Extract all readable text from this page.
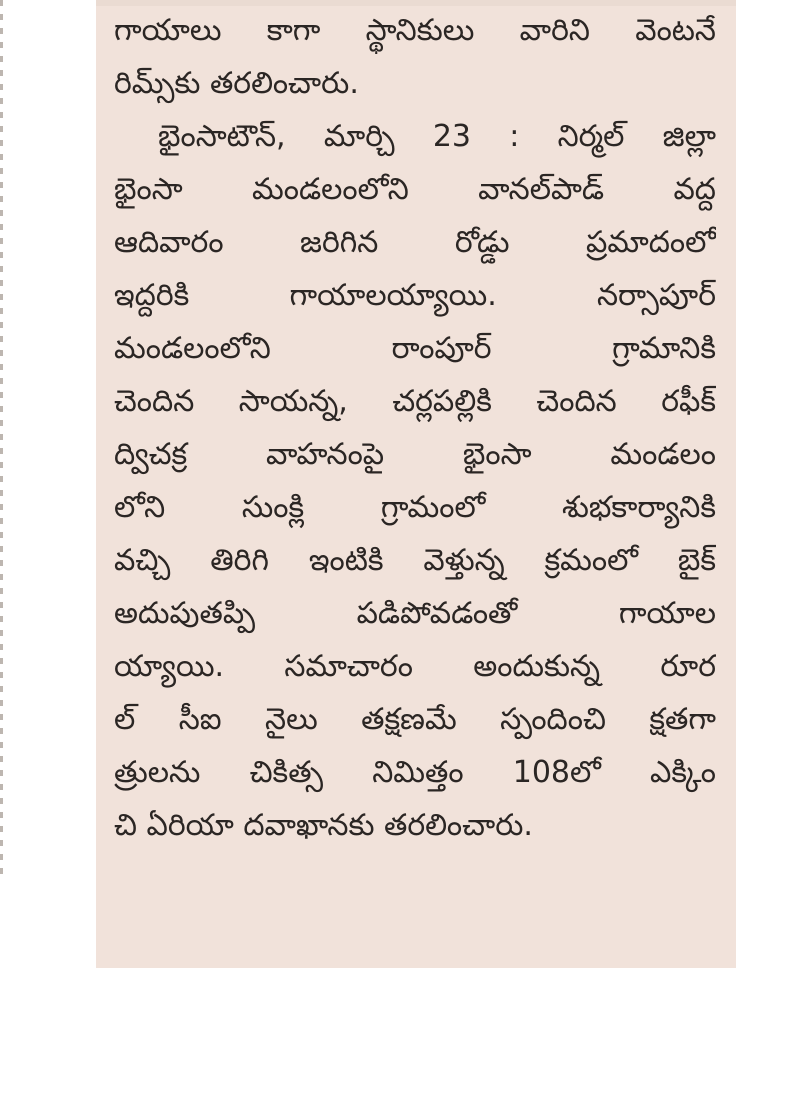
గాయాలు కాగా స్థానికులు వారిని వెంటనే
రిమ్స్‌కు తరలించారు.
భైంసాటౌన్, మార్చి 23 : నిర్మల్ జిల్లా
భైంసా మండలంలోని వానల్‌పాడ్ వద్ద
ఆదివారం జరిగిన రోడ్డు ప్రమాదంలో
ఇద్దరికి గాయాలయ్యాయి. నర్సాపూర్
మండలంలోని రాంపూర్ గ్రామానికి
చెందిన సాయన్న, చర్లపల్లికి చెందిన రఫీక్
ద్విచక్ర వాహనంపై భైంసా మండలం
లోని సుంక్లి గ్రామంలో శుభకార్యానికి
వచ్చి తిరిగి ఇంటికి వెళ్తున్న క్రమంలో బైక్
అదుపుతప్పి పడిపోవడంతో గాయాల
య్యాయి. సమాచారం అందుకున్న రూర
ల్ సీఐ నైలు తక్షణమే స్పందించి క్షతగా
త్రులను చికిత్స నిమిత్తం 108లో ఎక్కిం
చి ఏరియా దవాఖానకు తరలించారు.
